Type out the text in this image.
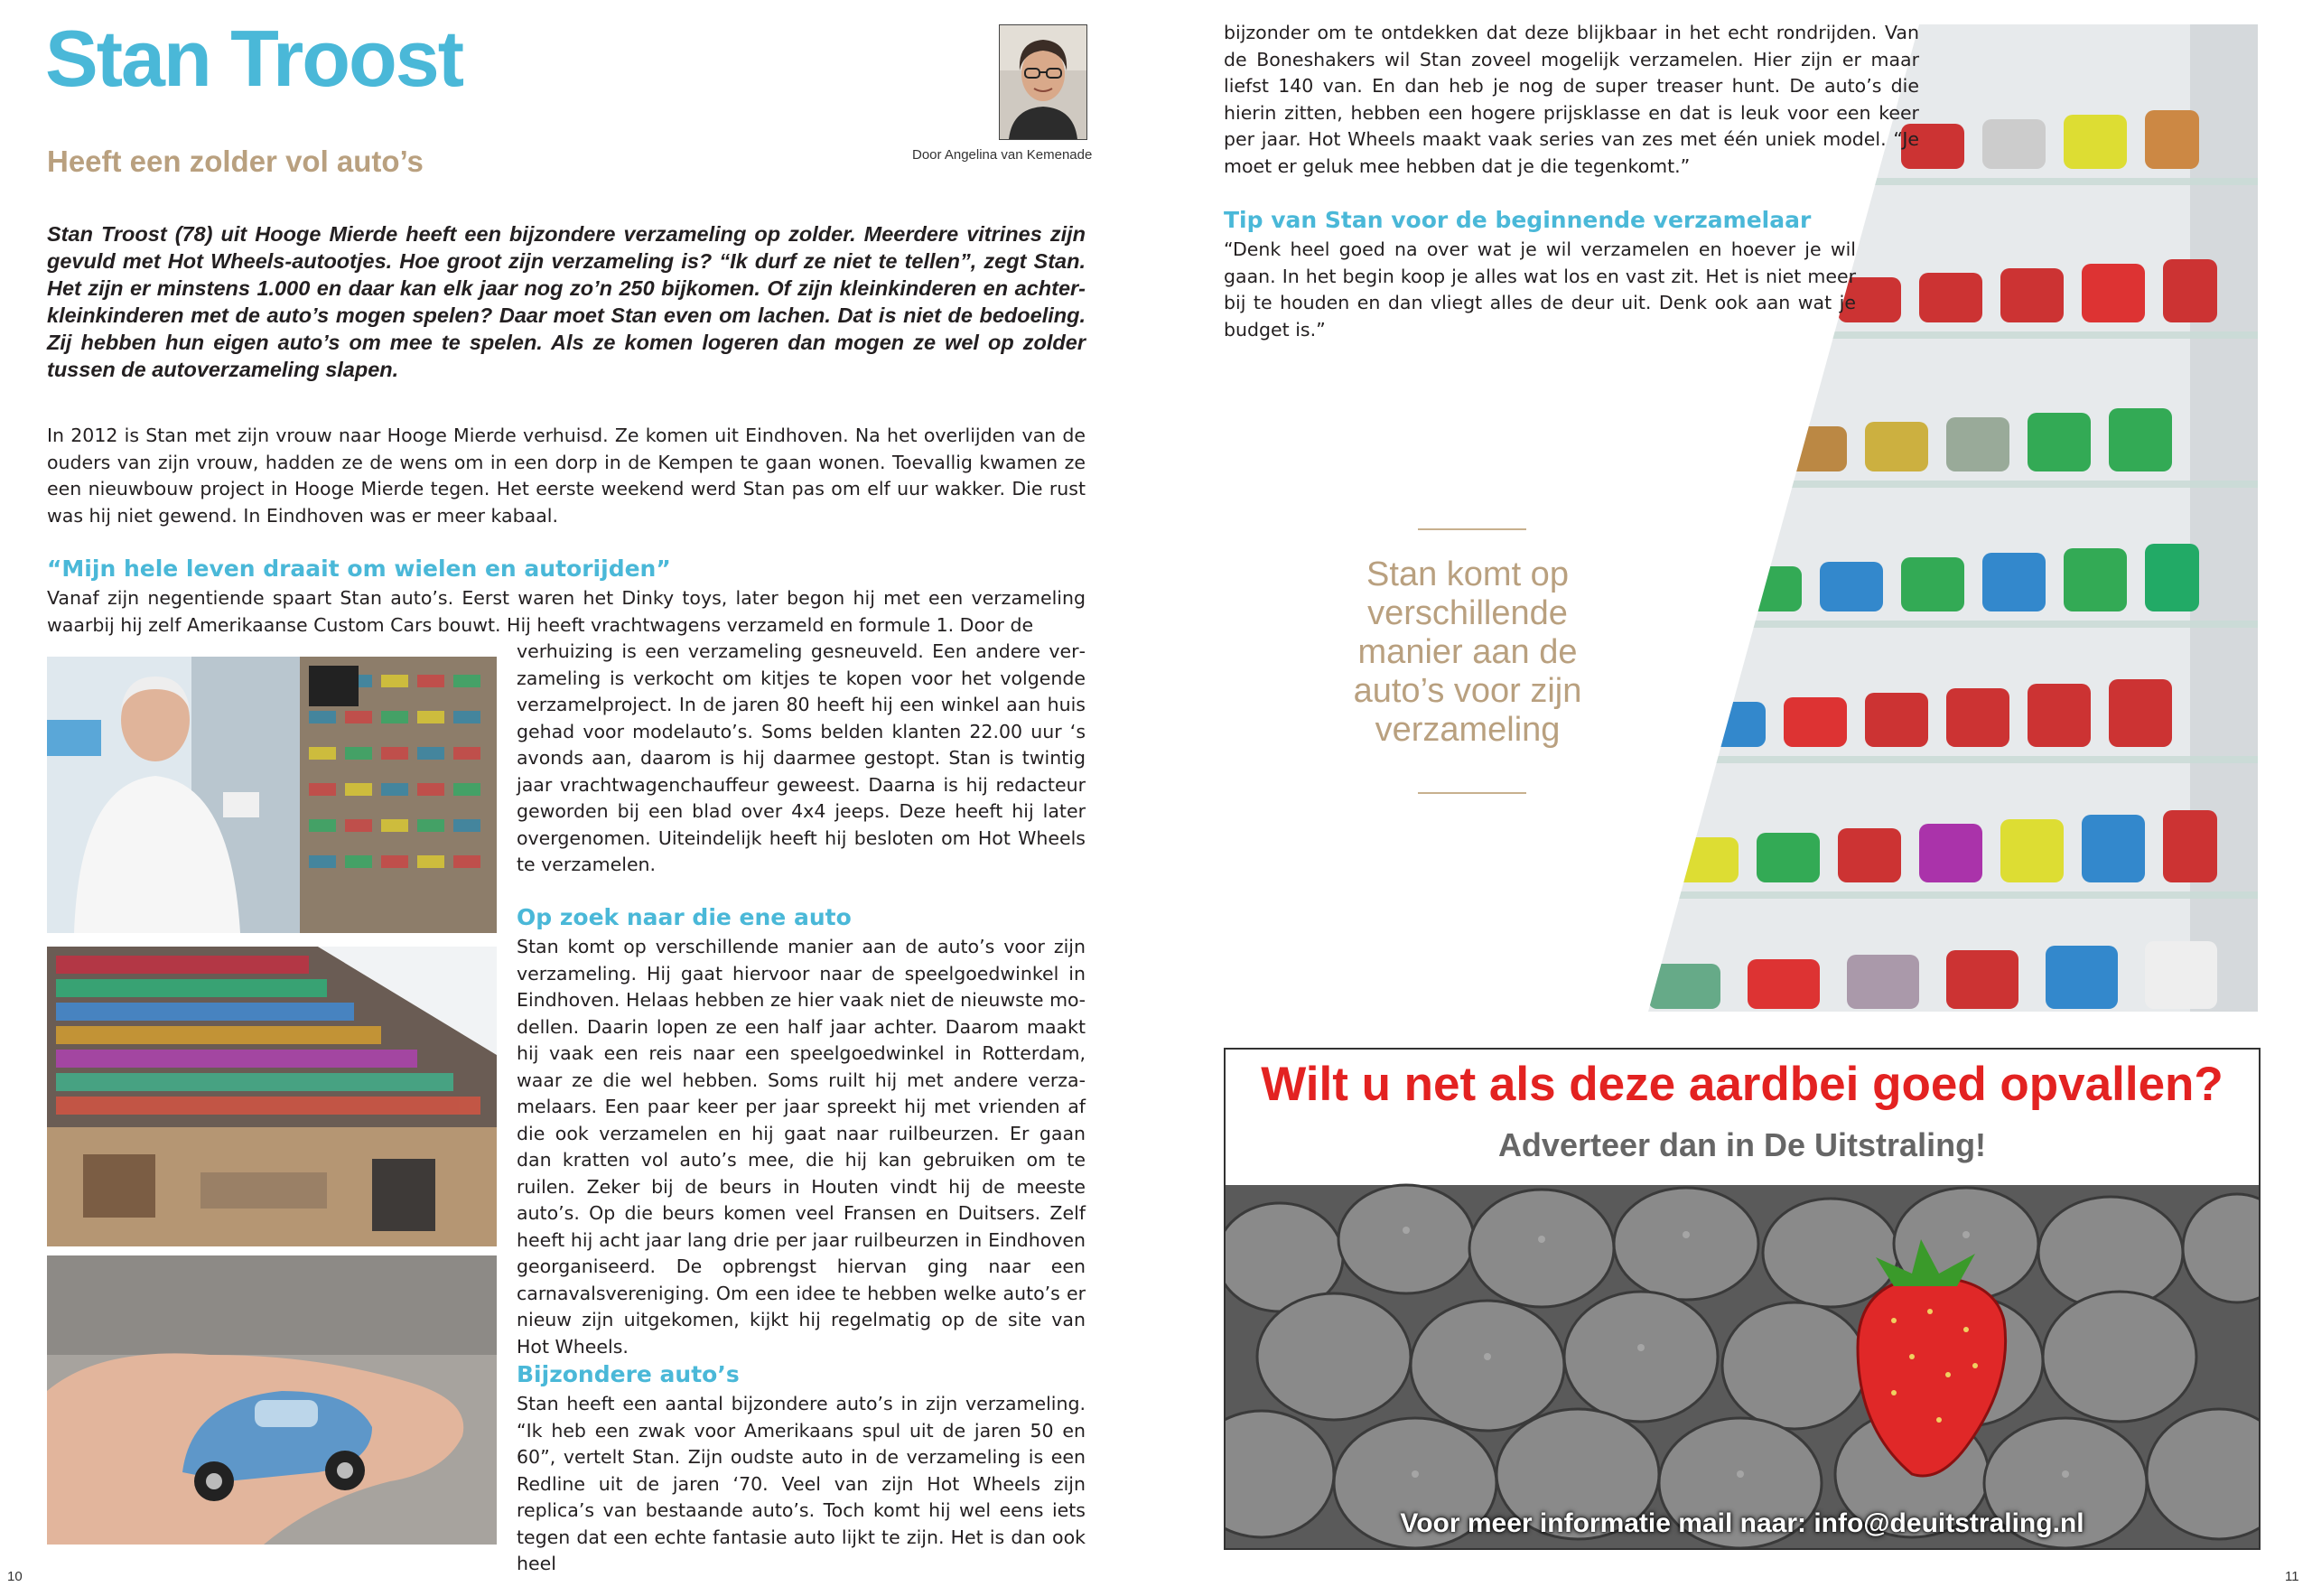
Stan Troost
Heeft een zolder vol auto’s	Door Angelina van Kemenade
Stan Troost (78) uit Hooge Mierde heeft een bijzondere verzameling op zolder. Meerdere vitrines zijn gevuld met Hot Wheels-autootjes. Hoe groot zijn verzameling is? “Ik durf ze niet te tellen”, zegt Stan. Het zijn er minstens 1.000 en daar kan elk jaar nog zo’n 250 bijkomen. Of zijn kleinkinderen en achterkleinkinderen met de auto’s mogen spelen? Daar moet Stan even om lachen. Dat is niet de bedoeling. Zij hebben hun eigen auto’s om mee te spelen. Als ze komen logeren dan mogen ze wel op zolder tussen de autoverzameling slapen.
In 2012 is Stan met zijn vrouw naar Hooge Mierde verhuisd. Ze komen uit Eindhoven. Na het overlijden van de ouders van zijn vrouw, hadden ze de wens om in een dorp in de Kempen te gaan wonen. Toevallig kwamen ze een nieuwbouw project in Hooge Mierde tegen. Het eerste weekend werd Stan pas om elf uur wakker. Die rust was hij niet gewend. In Eindhoven was er meer kabaal.
“Mijn hele leven draait om wielen en autorijden”
Vanaf zijn negentiende spaart Stan auto’s. Eerst waren het Dinky toys, later begon hij met een verzameling waarbij hij zelf Amerikaanse Custom Cars bouwt. Hij heeft vrachtwagens verzameld en formule 1. Door de
verhuizing is een verzameling gesneuveld. Een andere verzameling is verkocht om kitjes te kopen voor het volgende verzamelproject. In de jaren 80 heeft hij een winkel aan huis gehad voor modelauto’s. Soms belden klanten 22.00 uur ‘s avonds aan, daarom is hij daarmee gestopt. Stan is twintig jaar vrachtwagenchauffeur geweest. Daarna is hij redacteur geworden bij een blad over 4x4 jeeps. Deze heeft hij later overgenomen. Uiteindelijk heeft hij besloten om Hot Wheels te verzamelen.
Op zoek naar die ene auto
Stan komt op verschillende manier aan de auto’s voor zijn verzameling. Hij gaat hiervoor naar de speelgoedwinkel in Eindhoven. Helaas hebben ze hier vaak niet de nieuwste modellen. Daarin lopen ze een half jaar achter. Daarom maakt hij vaak een reis naar een speelgoedwinkel in Rotterdam, waar ze die wel hebben. Soms ruilt hij met andere verzamelaars. Een paar keer per jaar spreekt hij met vrienden af die ook verzamelen en hij gaat naar ruilbeurzen. Er gaan dan kratten vol auto’s mee, die hij kan gebruiken om te ruilen. Zeker bij de beurs in Houten vindt hij de meeste auto’s. Op die beurs komen veel Fransen en Duitsers. Zelf heeft hij acht jaar lang drie per jaar ruilbeurzen in Eindhoven georganiseerd. De opbrengst hiervan ging naar een carnavalsvereniging. Om een idee te hebben welke auto’s er nieuw zijn uitgekomen, kijkt hij regelmatig op de site van Hot Wheels.
Bijzondere auto’s
Stan heeft een aantal bijzondere auto’s in zijn verzameling. “Ik heb een zwak voor Amerikaans spul uit de jaren 50 en 60”, vertelt Stan. Zijn oudste auto in de verzameling is een Redline uit de jaren ‘70. Veel van zijn Hot Wheels zijn replica’s van bestaande auto’s. Toch komt hij wel eens iets tegen dat een echte fantasie auto lijkt te zijn. Het is dan ook heel
10
bijzonder om te ontdekken dat deze blijkbaar in het echt rondrijden. Van de Boneshakers wil Stan zoveel mogelijk verzamelen. Hier zijn er maar liefst 140 van. En dan heb je nog de super treaser hunt. De auto’s die hierin zitten, hebben een hogere prijsklasse en dat is leuk voor een keer per jaar. Hot Wheels maakt vaak series van zes met één uniek model. “Je moet er geluk mee hebben dat je die tegenkomt.”
Tip van Stan voor de beginnende verzamelaar
“Denk heel goed na over wat je wil verzamelen en hoever je wil gaan. In het begin koop je alles wat los en vast zit. Het is niet meer bij te houden en dan vliegt alles de deur uit. Denk ook aan wat je budget is.”
Stan komt op
verschillende
manier aan de
auto’s voor zijn
verzameling
Wilt u net als deze aardbei goed opvallen?
Adverteer dan in De Uitstraling!
Voor meer informatie mail naar: info@deuitstraling.nl
11
